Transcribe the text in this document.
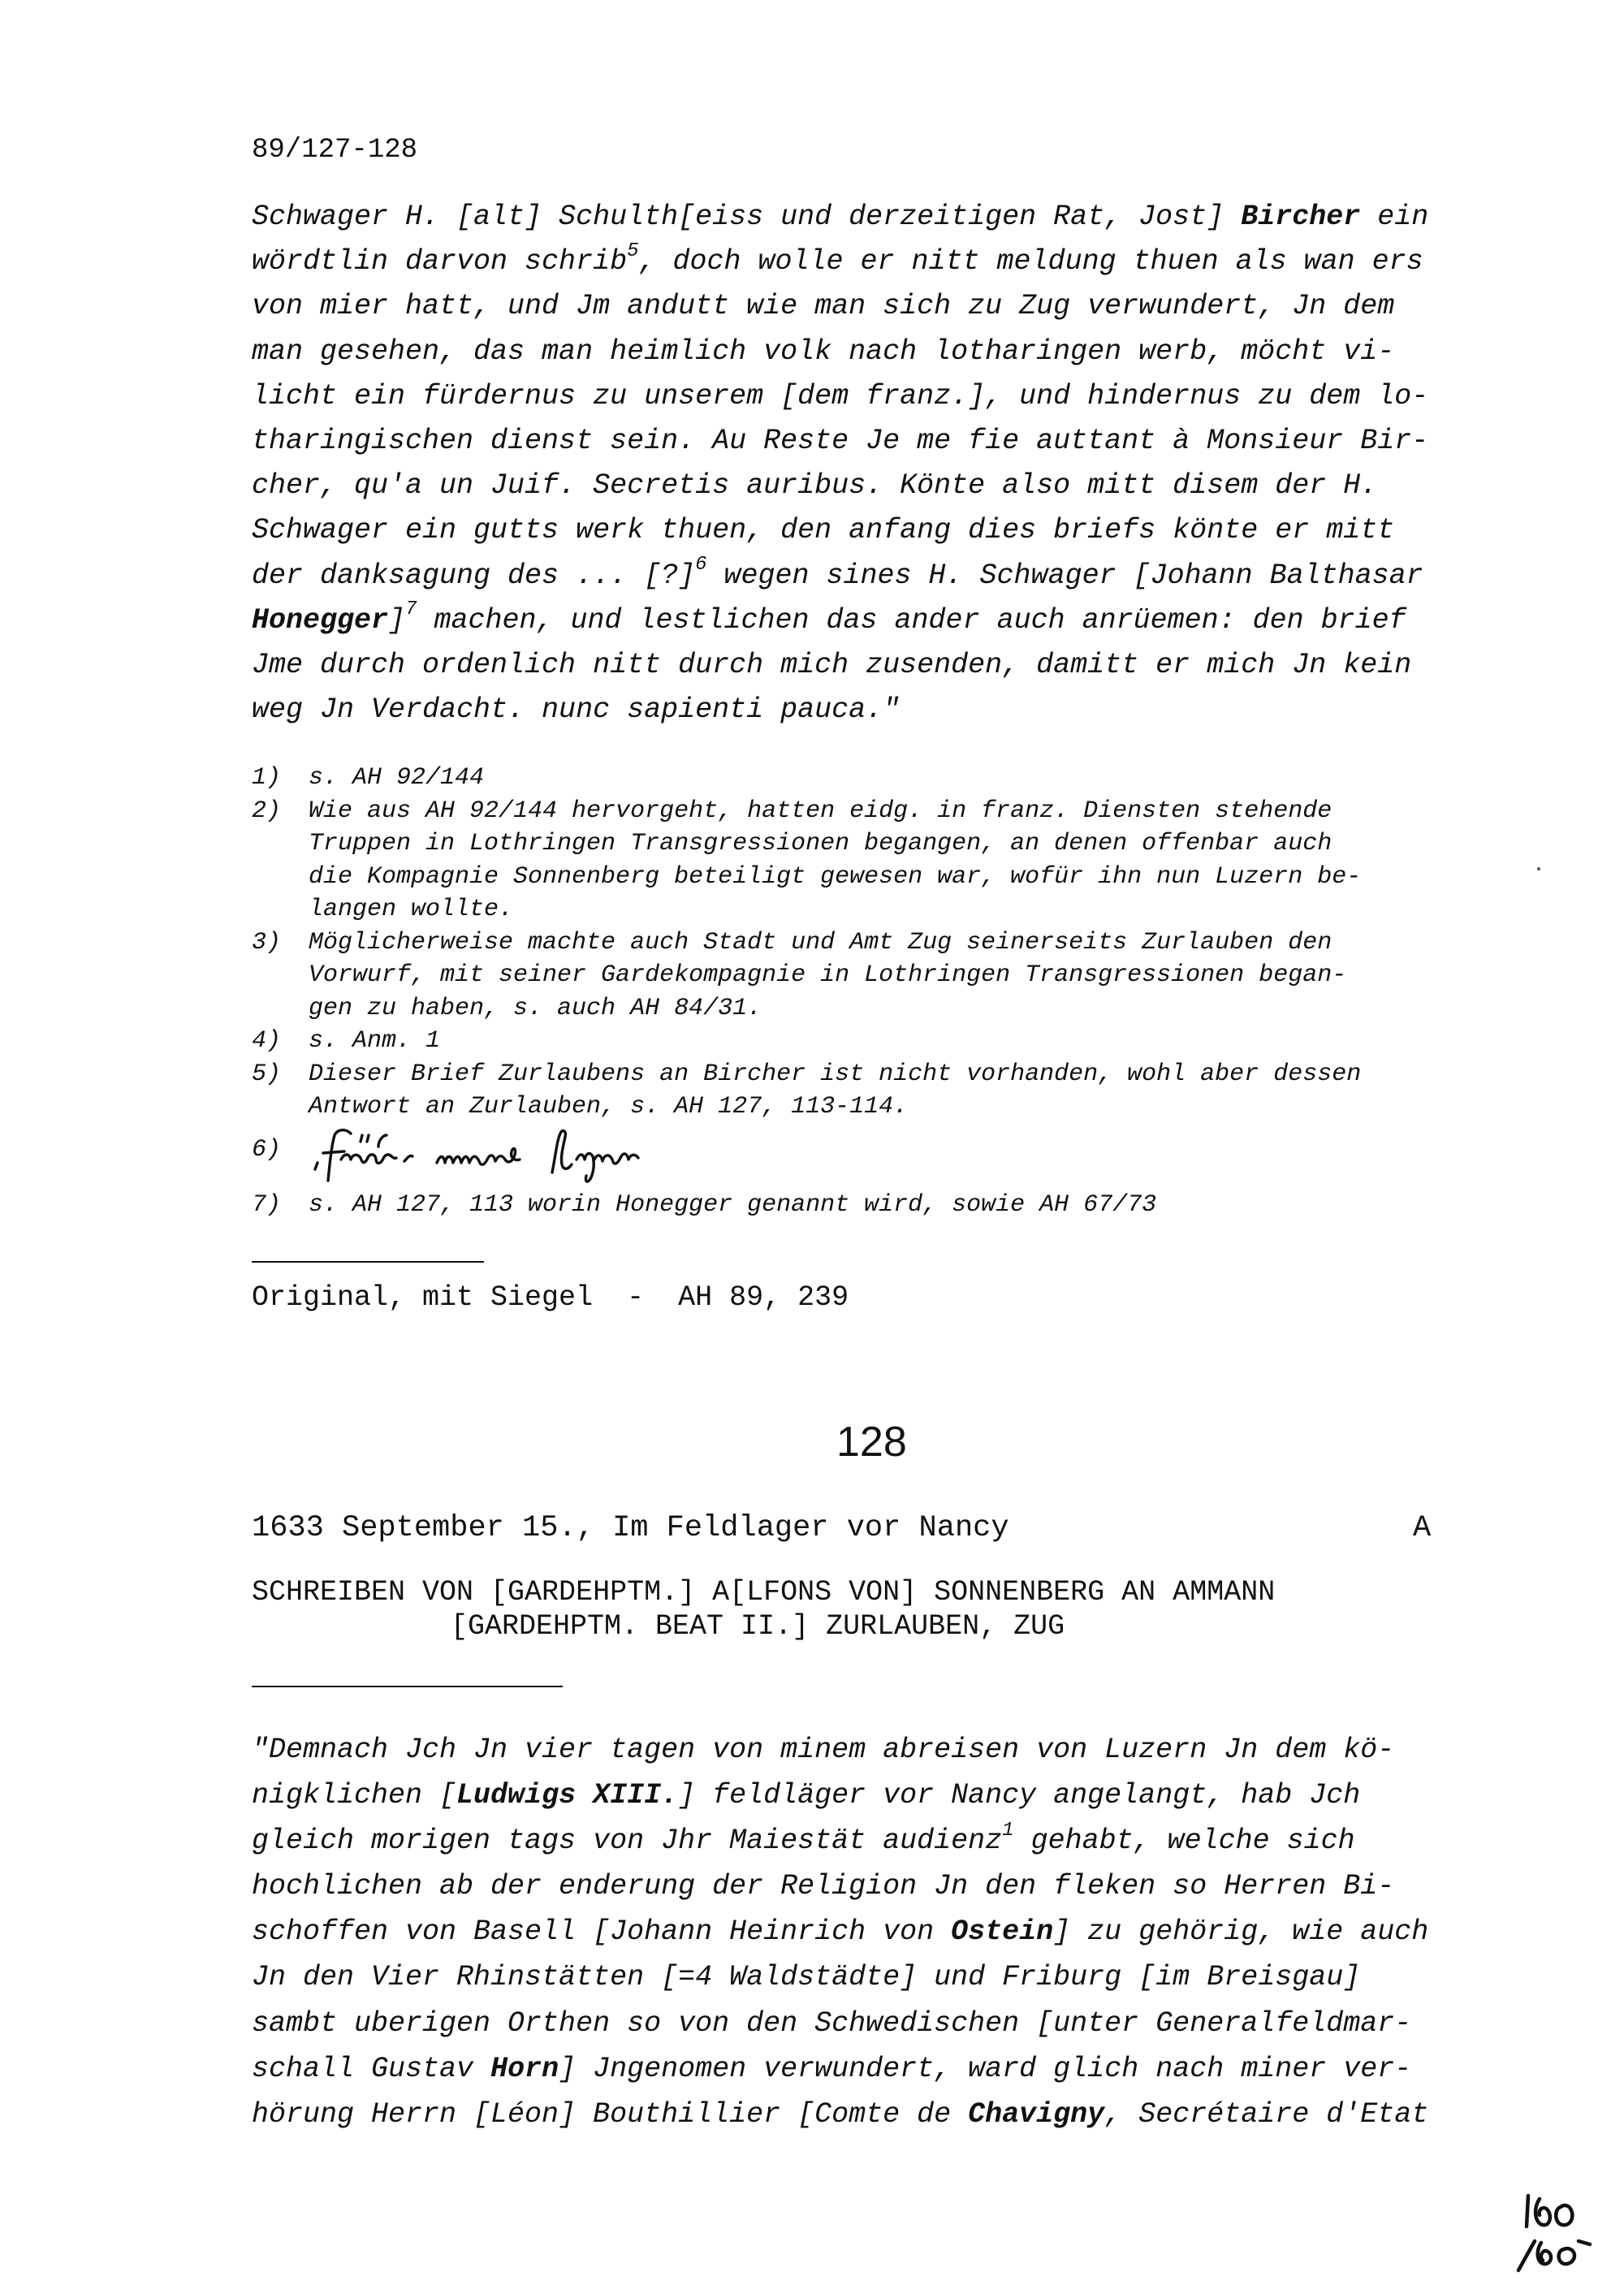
89/127-128
Schwager H. [alt] Schulth[eiss und derzeitigen Rat, Jost] Bircher ein
wördtlin darvon schrib$^5$, doch wolle er nitt meldung thuen als wan ers
von mier hatt, und Jm andutt wie man sich zu Zug verwundert, Jn dem
man gesehen, das man heimlich volk nach lotharingen werb, möcht vi-
licht ein fürdernus zu unserem [dem franz.], und hindernus zu dem lo-
tharingischen dienst sein. Au Reste Je me fie auttant à Monsieur Bir-
cher, qu'a un Juif. Secretis auribus. Könte also mitt disem der H.
Schwager ein gutts werk thuen, den anfang dies briefs könte er mitt
der danksagung des ... [?]$^6$ wegen sines H. Schwager [Johann Balthasar
Honegger]$^7$ machen, und lestlichen das ander auch anrüemen: den brief
Jme durch ordenlich nitt durch mich zusenden, damitt er mich Jn kein
weg Jn Verdacht. nunc sapienti pauca."
1) s. AH 92/144
2) Wie aus AH 92/144 hervorgeht, hatten eidg. in franz. Diensten stehende
Truppen in Lothringen Transgressionen begangen, an denen offenbar auch
die Kompagnie Sonnenberg beteiligt gewesen war, wofür ihn nun Luzern be-
langen wollte.
3) Möglicherweise machte auch Stadt und Amt Zug seinerseits Zurlauben den
Vorwurf, mit seiner Gardekompagnie in Lothringen Transgressionen began-
gen zu haben, s. auch AH 84/31.
4) s. Anm. 1
5) Dieser Brief Zurlaubens an Bircher ist nicht vorhanden, wohl aber dessen
Antwort an Zurlauben, s. AH 127, 113-114.
6)
7) s. AH 127, 113 worin Honegger genannt wird, sowie AH 67/73
Original, mit Siegel  -  AH 89, 239
128
1633 September 15., Im Feldlager vor Nancy	A
SCHREIBEN VON [GARDEHPTM.] A[LFONS VON] SONNENBERG AN AMMANN
[GARDEHPTM. BEAT II.] ZURLAUBEN, ZUG
"Demnach Jch Jn vier tagen von minem abreisen von Luzern Jn dem kö-
nigklichen [Ludwigs XIII.] feldläger vor Nancy angelangt, hab Jch
gleich morigen tags von Jhr Maiestät audienz$^1$ gehabt, welche sich
hochlichen ab der enderung der Religion Jn den fleken so Herren Bi-
schoffen von Basell [Johann Heinrich von Ostein] zu gehörig, wie auch
Jn den Vier Rhinstätten [=4 Waldstädte] und Friburg [im Breisgau]
sambt uberigen Orthen so von den Schwedischen [unter Generalfeldmar-
schall Gustav Horn] Jngenomen verwundert, ward glich nach miner ver-
hörung Herrn [Léon] Bouthillier [Comte de Chavigny, Secrétaire d'Etat
